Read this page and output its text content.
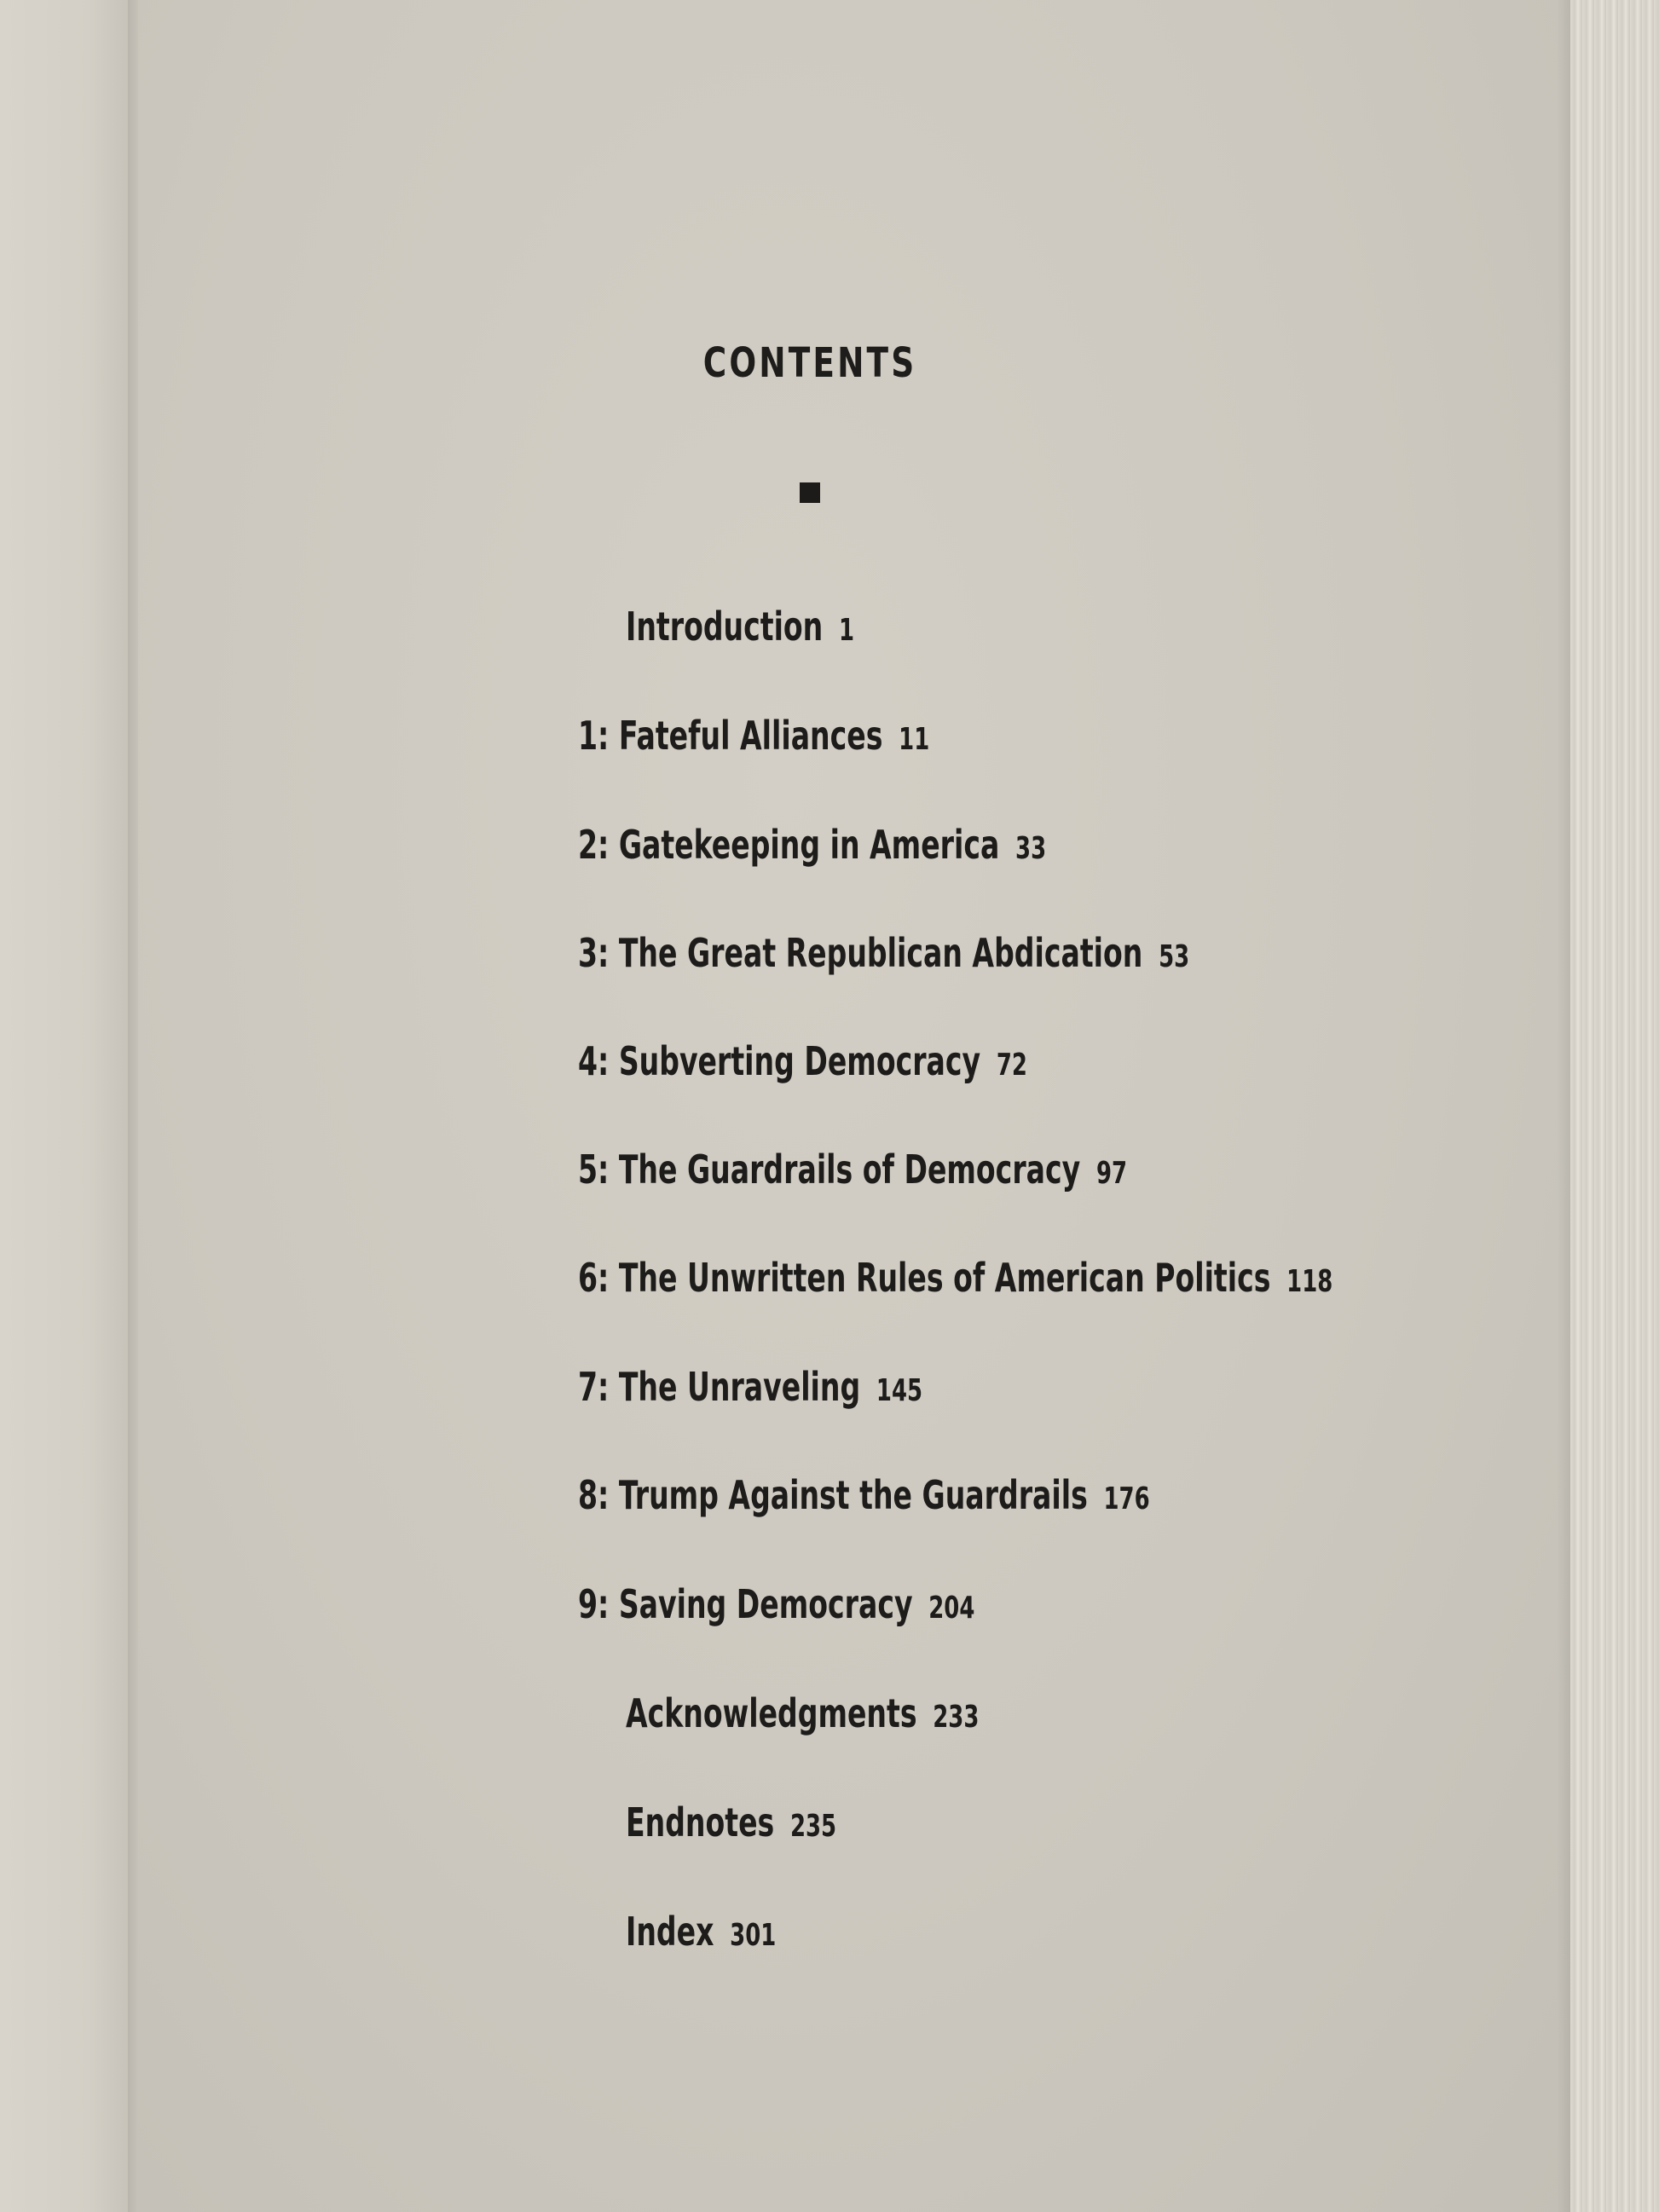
CONTENTS
Introduction 1
1: Fateful Alliances 11
2: Gatekeeping in America 33
3: The Great Republican Abdication 53
4: Subverting Democracy 72
5: The Guardrails of Democracy 97
6: The Unwritten Rules of American Politics 118
7: The Unraveling 145
8: Trump Against the Guardrails 176
9: Saving Democracy 204
Acknowledgments 233
Endnotes 235
Index 301
